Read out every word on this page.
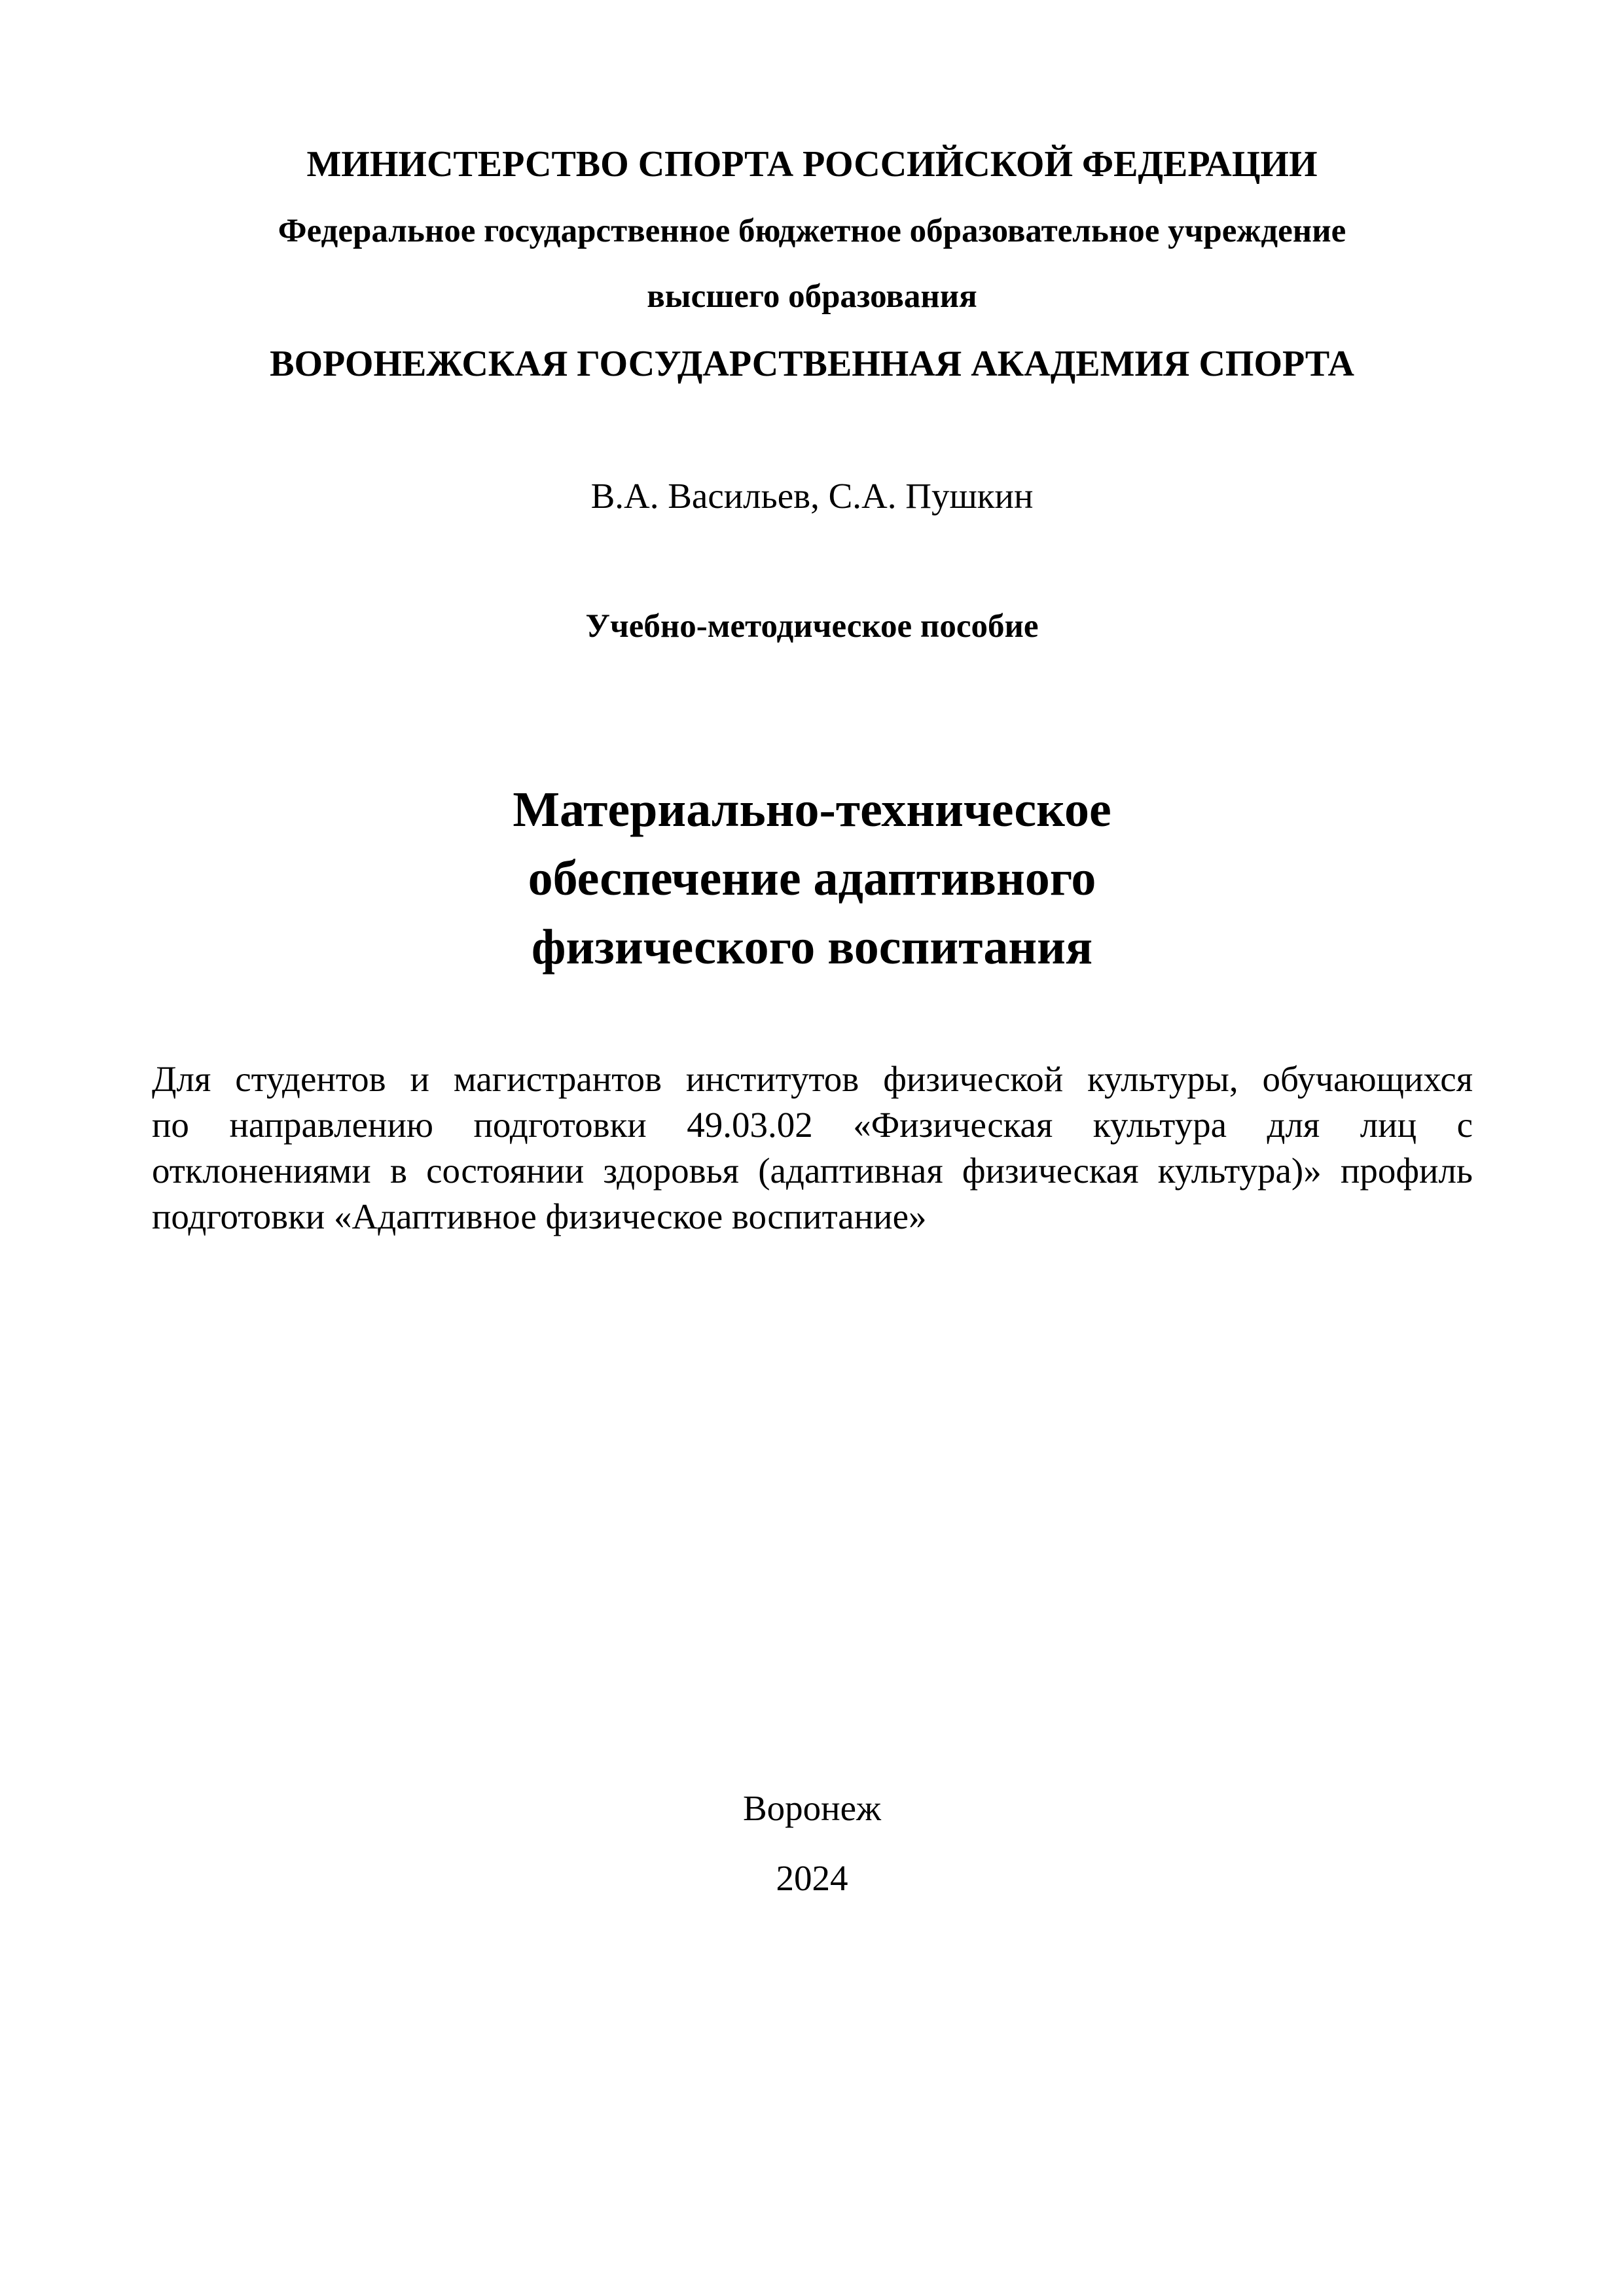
МИНИСТЕРСТВО СПОРТА РОССИЙСКОЙ ФЕДЕРАЦИИ
Федеральное государственное бюджетное образовательное учреждение
высшего образования
ВОРОНЕЖСКАЯ ГОСУДАРСТВЕННАЯ АКАДЕМИЯ СПОРТА
В.А. Васильев, С.А. Пушкин
Учебно-методическое пособие
Материально-техническое
обеспечение адаптивного
физического воспитания
Для студентов и магистрантов институтов физической культуры, обучающихся
по направлению подготовки 49.03.02 «Физическая культура для лиц с
отклонениями в состоянии здоровья (адаптивная физическая культура)» профиль
подготовки «Адаптивное физическое воспитание»
Воронеж
2024
